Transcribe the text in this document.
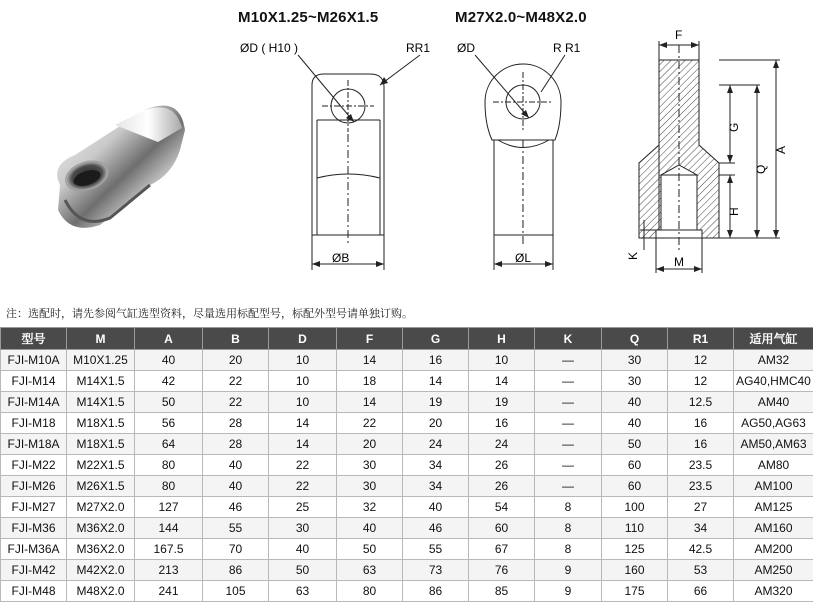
M10X1.25~M26X1.5	M27X2.0~M48X2.0
ØD ( H10 )	RR1
ØB
ØD	R R1
ØL
F
G
Q
A
H
K	M
注：选配时，请先参阅气缸选型资料，尽量选用标配型号，标配外型号请单独订购。
型号	M	A	B	D	F	G	H	K	Q	R1	适用气缸
FJI-M10A	M10X1.25	40	20	10	14	16	10	—	30	12	AM32
FJI-M14	M14X1.5	42	22	10	18	14	14	—	30	12	AG40,HMC40
FJI-M14A	M14X1.5	50	22	10	14	19	19	—	40	12.5	AM40
FJI-M18	M18X1.5	56	28	14	22	20	16	—	40	16	AG50,AG63
FJI-M18A	M18X1.5	64	28	14	20	24	24	—	50	16	AM50,AM63
FJI-M22	M22X1.5	80	40	22	30	34	26	—	60	23.5	AM80
FJI-M26	M26X1.5	80	40	22	30	34	26	—	60	23.5	AM100
FJI-M27	M27X2.0	127	46	25	32	40	54	8	100	27	AM125
FJI-M36	M36X2.0	144	55	30	40	46	60	8	110	34	AM160
FJI-M36A	M36X2.0	167.5	70	40	50	55	67	8	125	42.5	AM200
FJI-M42	M42X2.0	213	86	50	63	73	76	9	160	53	AM250
FJI-M48	M48X2.0	241	105	63	80	86	85	9	175	66	AM320
